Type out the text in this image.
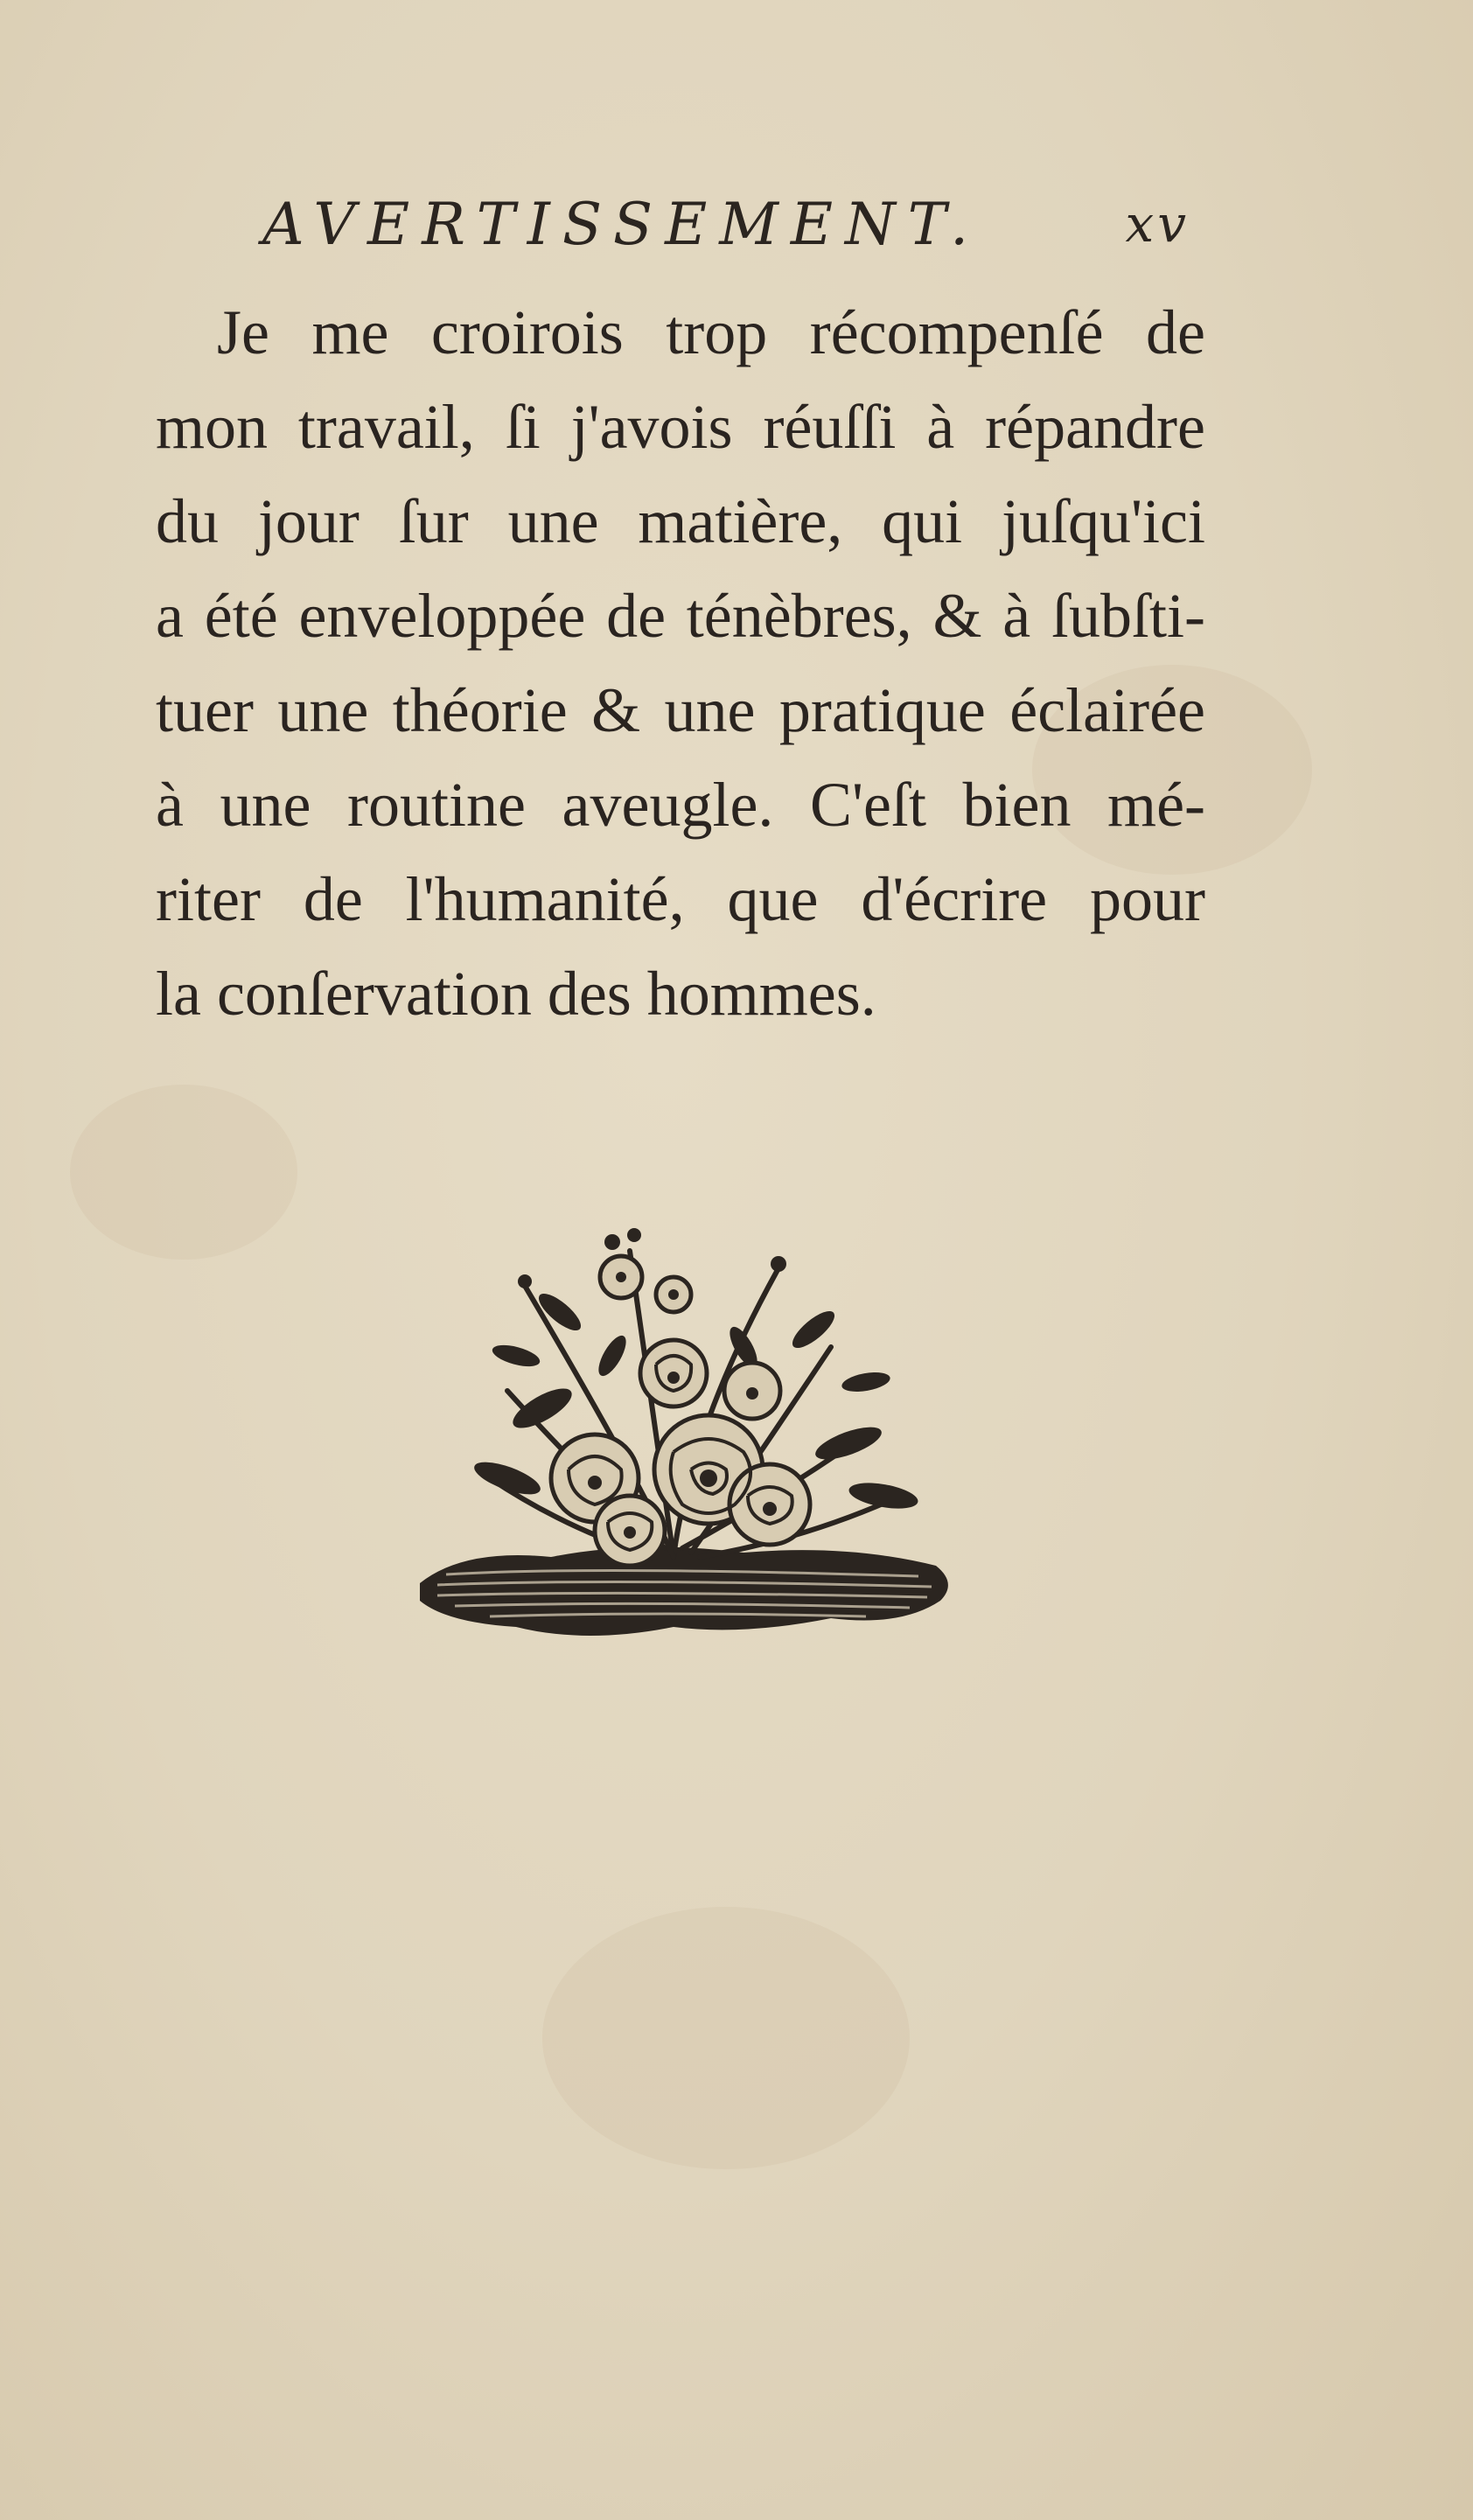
AVERTISSEMENT.	xv
Je me croirois trop récompenſé de
mon travail, ſi j'avois réuſſi à répandre
du jour ſur une matière, qui juſqu'ici
a été enveloppée de ténèbres, & à ſubſti-
tuer une théorie & une pratique éclairée
à une routine aveugle. C'eſt bien mé-
riter de l'humanité, que d'écrire pour
la conſervation des hommes.
